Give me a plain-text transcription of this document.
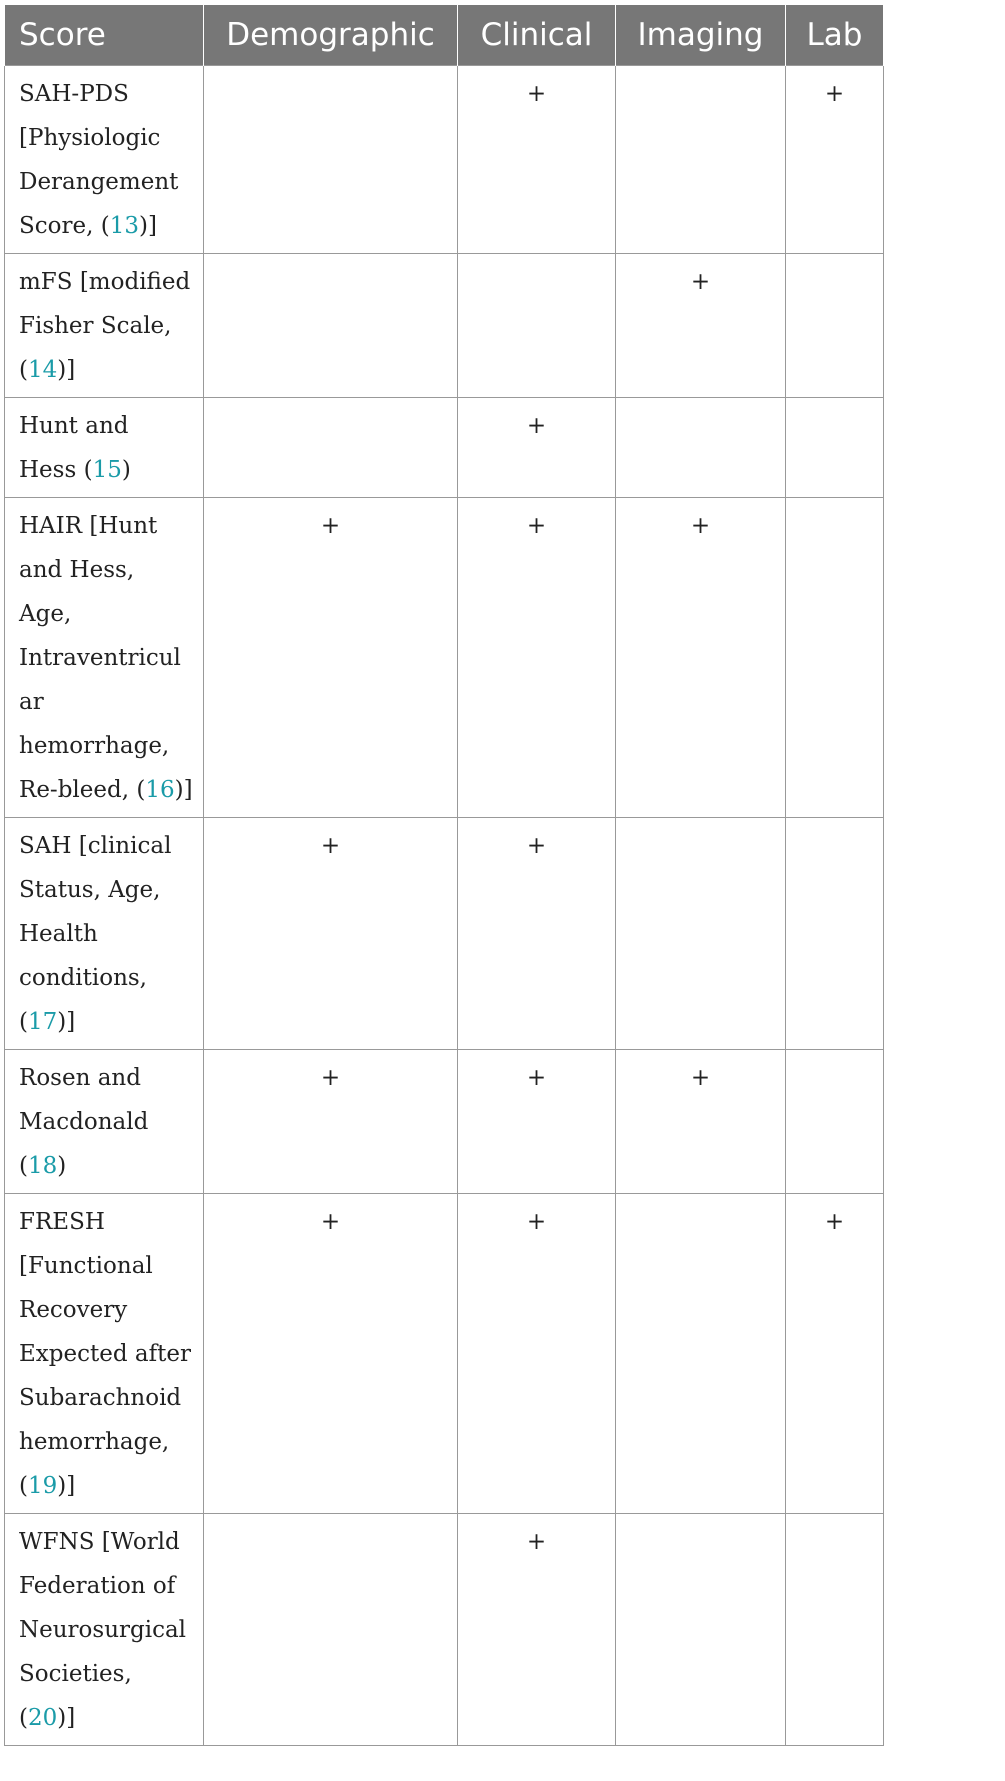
Score	Demographic	Clinical	Imaging	Lab
SAH-PDS [Physiologic Derangement Score, (13)]		+		+
mFS [modified Fisher Scale, (14)]			+	
Hunt and Hess (15)		+		
HAIR [Hunt and Hess, Age, Intraventricular hemorrhage, Re-bleed, (16)]	+	+	+	
SAH [clinical Status, Age, Health conditions, (17)]	+	+		
Rosen and Macdonald (18)	+	+	+	
FRESH [Functional Recovery Expected after Subarachnoid hemorrhage, (19)]	+	+		+
WFNS [World Federation of Neurosurgical Societies, (20)]		+		
